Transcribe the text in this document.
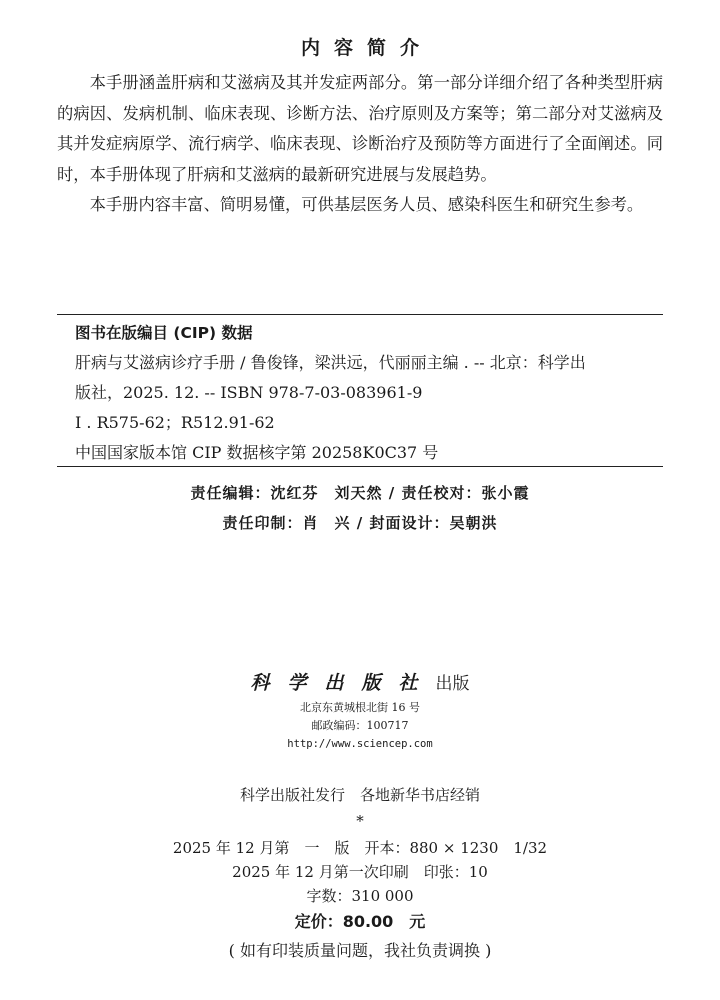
内容简介

本手册涵盖肝病和艾滋病及其并发症两部分。第一部分详细介绍了各种类型肝病的病因、发病机制、临床表现、诊断方法、治疗原则及方案等；第二部分对艾滋病及其并发症病原学、流行病学、临床表现、诊断治疗及预防等方面进行了全面阐述。同时，本手册体现了肝病和艾滋病的最新研究进展与发展趋势。

本手册内容丰富、简明易懂，可供基层医务人员、感染科医生和研究生参考。

图书在版编目 (CIP) 数据
肝病与艾滋病诊疗手册 / 鲁俊锋，梁洪远，代丽丽主编 . -- 北京：科学出
版社，2025. 12. -- ISBN 978-7-03-083961-9
Ⅰ . R575-62；R512.91-62
中国国家版本馆 CIP 数据核字第 20258K0C37 号
责任编辑：沈红芬　刘天然 / 责任校对：张小霞
责任印制：肖　兴 / 封面设计：吴朝洪
科学出版社出版
北京东黄城根北街 16 号
邮政编码：100717
http://www.sciencep.com
科学出版社发行　各地新华书店经销
*
2025 年 12 月第　一　版　开本：880 × 1230　1/32
2025 年 12 月第一次印刷　印张：10
字数：310 000
定价：80.00　元
( 如有印装质量问题，我社负责调换 )
